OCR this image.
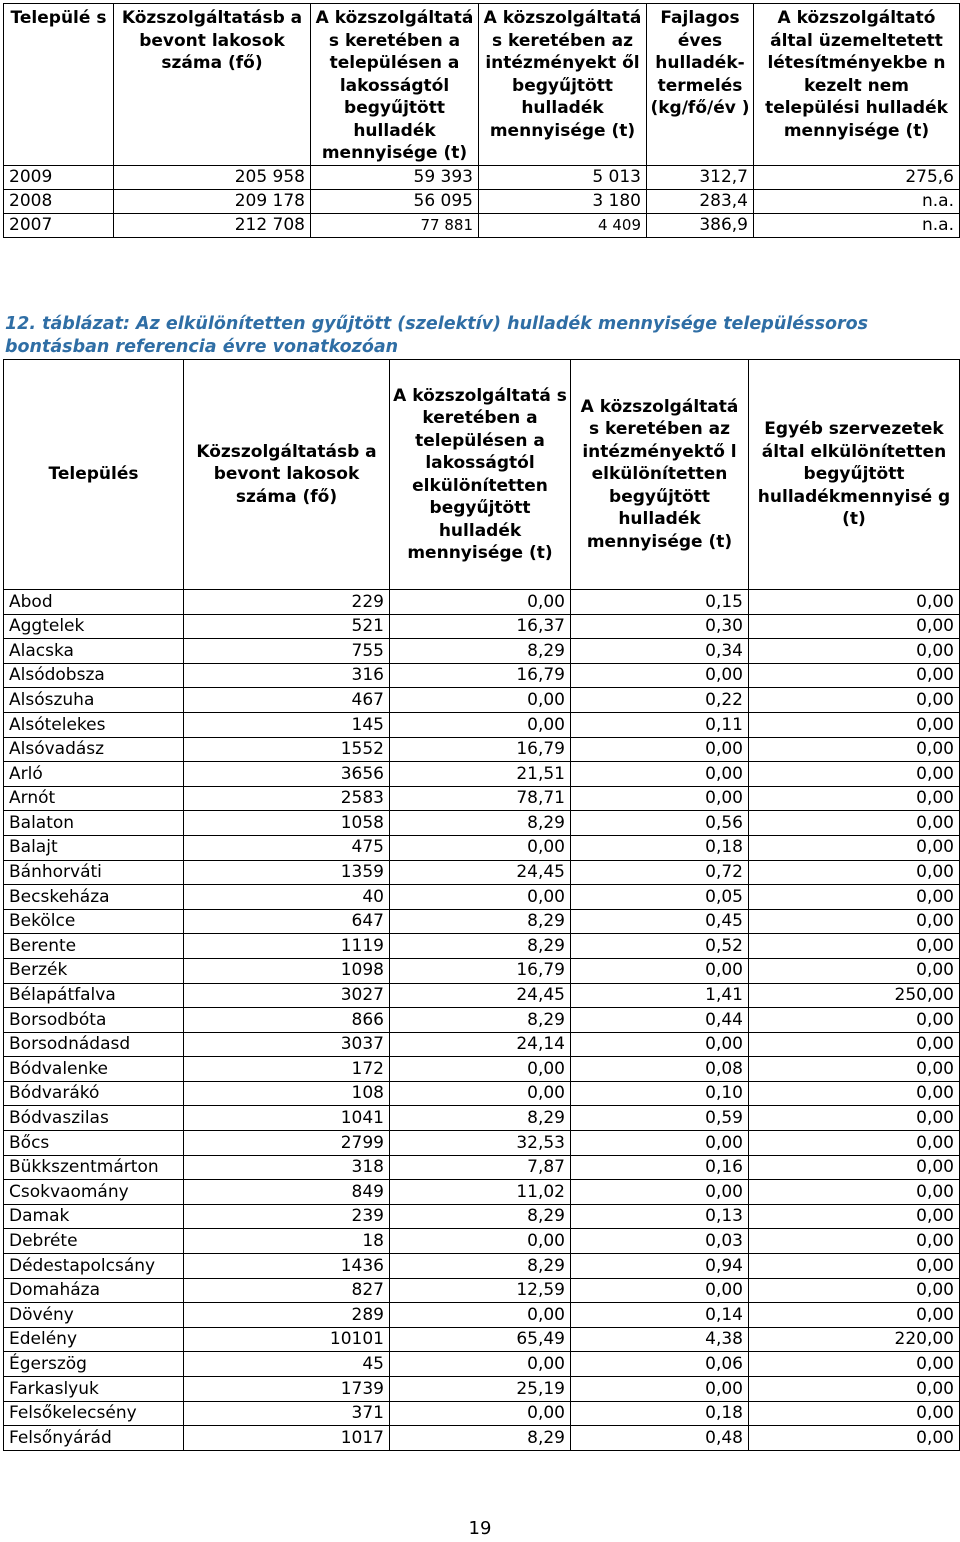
Települé s	Közszolgáltatásb a bevont lakosok száma (fő)	A közszolgáltatá s keretében a településen a lakosságtól begyűjtött hulladék mennyisége (t)	A közszolgáltatá s keretében az intézményekt ől begyűjtött hulladék mennyisége (t)	Fajlagos éves hulladék- termelés (kg/fő/év )	A közszolgáltató által üzemeltetett létesítményekbe n kezelt nem települési hulladék mennyisége (t)
2009	205 958	59 393	5 013	312,7	275,6
2008	209 178	56 095	3 180	283,4	n.a.
2007	212 708	77 881	4 409	386,9	n.a.
12. táblázat: Az elkülönítetten gyűjtött (szelektív) hulladék mennyisége településsoros bontásban referencia évre vonatkozóan
Település	Közszolgáltatásb a bevont lakosok száma (fő)	A közszolgáltatá s keretében a településen a lakosságtól elkülönítetten begyűjtött hulladék mennyisége (t)	A közszolgáltatá s keretében az intézményektő l elkülönítetten begyűjtött hulladék mennyisége (t)	Egyéb szervezetek által elkülönítetten begyűjtött hulladékmennyisé g (t)
Abod	229	0,00	0,15	0,00
Aggtelek	521	16,37	0,30	0,00
Alacska	755	8,29	0,34	0,00
Alsódobsza	316	16,79	0,00	0,00
Alsószuha	467	0,00	0,22	0,00
Alsótelekes	145	0,00	0,11	0,00
Alsóvadász	1552	16,79	0,00	0,00
Arló	3656	21,51	0,00	0,00
Arnót	2583	78,71	0,00	0,00
Balaton	1058	8,29	0,56	0,00
Balajt	475	0,00	0,18	0,00
Bánhorváti	1359	24,45	0,72	0,00
Becskeháza	40	0,00	0,05	0,00
Bekölce	647	8,29	0,45	0,00
Berente	1119	8,29	0,52	0,00
Berzék	1098	16,79	0,00	0,00
Bélapátfalva	3027	24,45	1,41	250,00
Borsodbóta	866	8,29	0,44	0,00
Borsodnádasd	3037	24,14	0,00	0,00
Bódvalenke	172	0,00	0,08	0,00
Bódvarákó	108	0,00	0,10	0,00
Bódvaszilas	1041	8,29	0,59	0,00
Bőcs	2799	32,53	0,00	0,00
Bükkszentmárton	318	7,87	0,16	0,00
Csokvaomány	849	11,02	0,00	0,00
Damak	239	8,29	0,13	0,00
Debréte	18	0,00	0,03	0,00
Dédestapolcsány	1436	8,29	0,94	0,00
Domaháza	827	12,59	0,00	0,00
Dövény	289	0,00	0,14	0,00
Edelény	10101	65,49	4,38	220,00
Égerszög	45	0,00	0,06	0,00
Farkaslyuk	1739	25,19	0,00	0,00
Felsőkelecsény	371	0,00	0,18	0,00
Felsőnyárád	1017	8,29	0,48	0,00
19
